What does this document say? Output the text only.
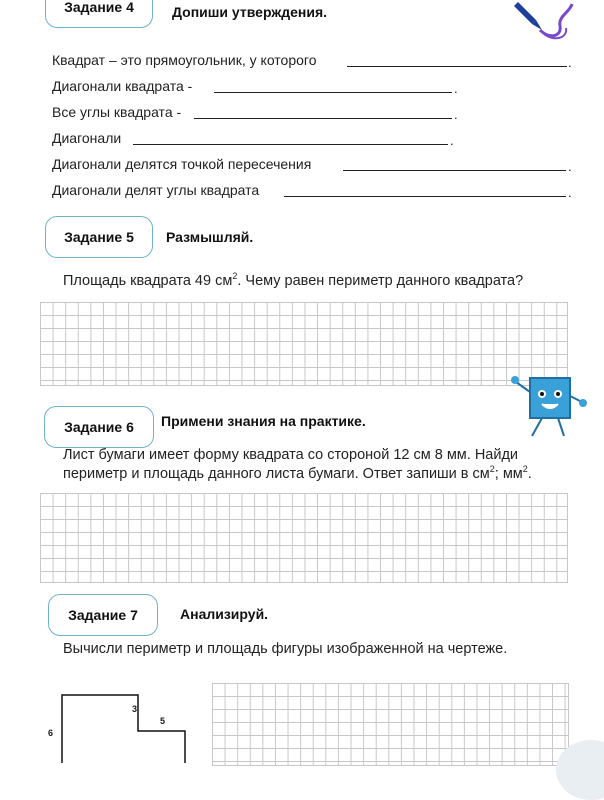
Задание 4	Допиши утверждения.
Квадрат – это прямоугольник, у которого	.
Диагонали квадрата -	.
Все углы квадрата -	.
Диагонали	.
Диагонали делятся точкой пересечения	.
Диагонали делят углы квадрата	.
Задание 5	Размышляй.
Площадь квадрата 49 $см^2$. Чему равен периметр данного квадрата?
Задание 6	Примени знания на практике.
Лист бумаги имеет форму квадрата со стороной 12 см 8 мм. Найди
периметр и площадь данного листа бумаги. Ответ запиши в $см^2$; $мм^2$.
Задание 7	Анализируй.
Вычисли периметр и площадь фигуры изображенной на чертеже.
6
3
5
